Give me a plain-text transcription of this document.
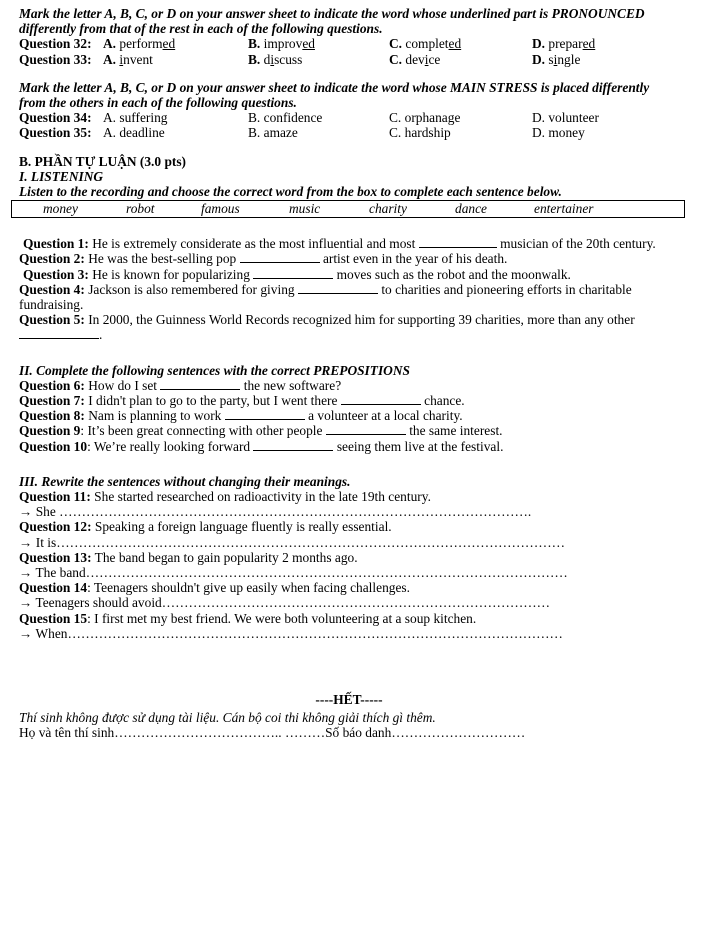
Mark the letter A, B, C, or D on your answer sheet to indicate the word whose underlined part is PRONOUNCED differently from that of the rest in each of the following questions.

Question 32: A. performed	B. improved	C. completed	D. prepared
Question 33: A. invent	B. discuss	C. device	D. single

Mark the letter A, B, C, or D on your answer sheet to indicate the word whose MAIN STRESS is placed differently from the others in each of the following questions.

Question 34: A. suffering	B. confidence	C. orphanage	D. volunteer
Question 35: A. deadline	B. amaze	C. hardship	D. money

B. PHẦN TỰ LUẬN (3.0 pts)

I. LISTENING

Listen to the recording and choose the correct word from the box to complete each sentence below.

money	robot	famous	music	charity	dance	entertainer

Question 1: He is extremely considerate as the most influential and most	musician of the 20th century.

Question 2: He was the best-selling pop	artist even in the year of his death.

Question 3: He is known for popularizing	moves such as the robot and the moonwalk.

Question 4: Jackson is also remembered for giving	to charities and pioneering efforts in charitable fundraising.

Question 5: In 2000, the Guinness World Records recognized him for supporting 39 charities, more than any other .

II. Complete the following sentences with the correct PREPOSITIONS

Question 6: How do I set	the new software?

Question 7: I didn't plan to go to the party, but I went there	chance.

Question 8: Nam is planning to work	a volunteer at a local charity.

Question 9: It’s been great connecting with other people	the same interest.

Question 10: We’re really looking forward	seeing them live at the festival.

III. Rewrite the sentences without changing their meanings.

Question 11: She started researched on radioactivity in the late 19th century.

→ She …………………………………………………………………………………………….

Question 12: Speaking a foreign language fluently is really essential.

→ It is……………………………………………………………………………………………………

Question 13: The band began to gain popularity 2 months ago.

→ The band………………………………………………………………………………………………

Question 14: Teenagers shouldn't give up easily when facing challenges.

→ Teenagers should avoid……………………………………………………………………………

Question 15: I first met my best friend. We were both volunteering at a soup kitchen.

→ When…………………………………………………………………………………………………

----HẾT-----

Thí sinh không được sử dụng tài liệu. Cán bộ coi thi không giải thích gì thêm.

Họ và tên thí sinh……………………………….. ………Số báo danh…………………………
